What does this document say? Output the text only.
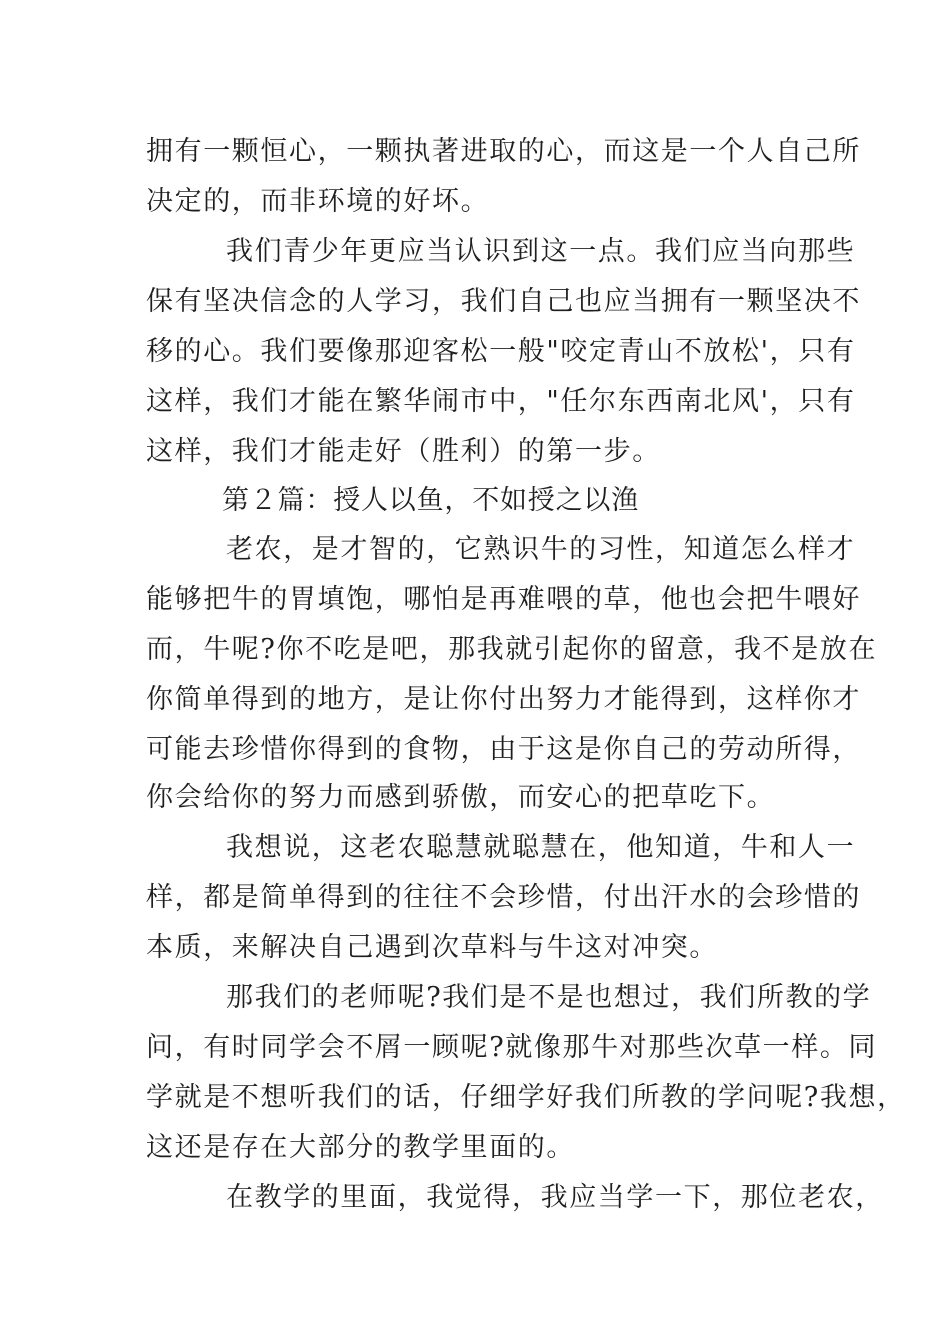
拥有一颗恒心，一颗执著进取的心，而这是一个人自己所
决定的，而非环境的好坏。
我们青少年更应当认识到这一点。我们应当向那些
保有坚决信念的人学习，我们自己也应当拥有一颗坚决不
移的心。我们要像那迎客松一般"咬定青山不放松'，只有
这样，我们才能在繁华闹市中，"任尔东西南北风'，只有
这样，我们才能走好（胜利）的第一步。
第２篇：授人以鱼，不如授之以渔
老农，是才智的，它熟识牛的习性，知道怎么样才
能够把牛的胃填饱，哪怕是再难喂的草，他也会把牛喂好
而，牛呢?你不吃是吧，那我就引起你的留意，我不是放在
你简单得到的地方，是让你付出努力才能得到，这样你才
可能去珍惜你得到的食物，由于这是你自己的劳动所得，
你会给你的努力而感到骄傲，而安心的把草吃下。
我想说，这老农聪慧就聪慧在，他知道，牛和人一
样，都是简单得到的往往不会珍惜，付出汗水的会珍惜的
本质，来解决自己遇到次草料与牛这对冲突。
那我们的老师呢?我们是不是也想过，我们所教的学
问，有时同学会不屑一顾呢?就像那牛对那些次草一样。同
学就是不想听我们的话，仔细学好我们所教的学问呢?我想，
这还是存在大部分的教学里面的。
在教学的里面，我觉得，我应当学一下，那位老农，
